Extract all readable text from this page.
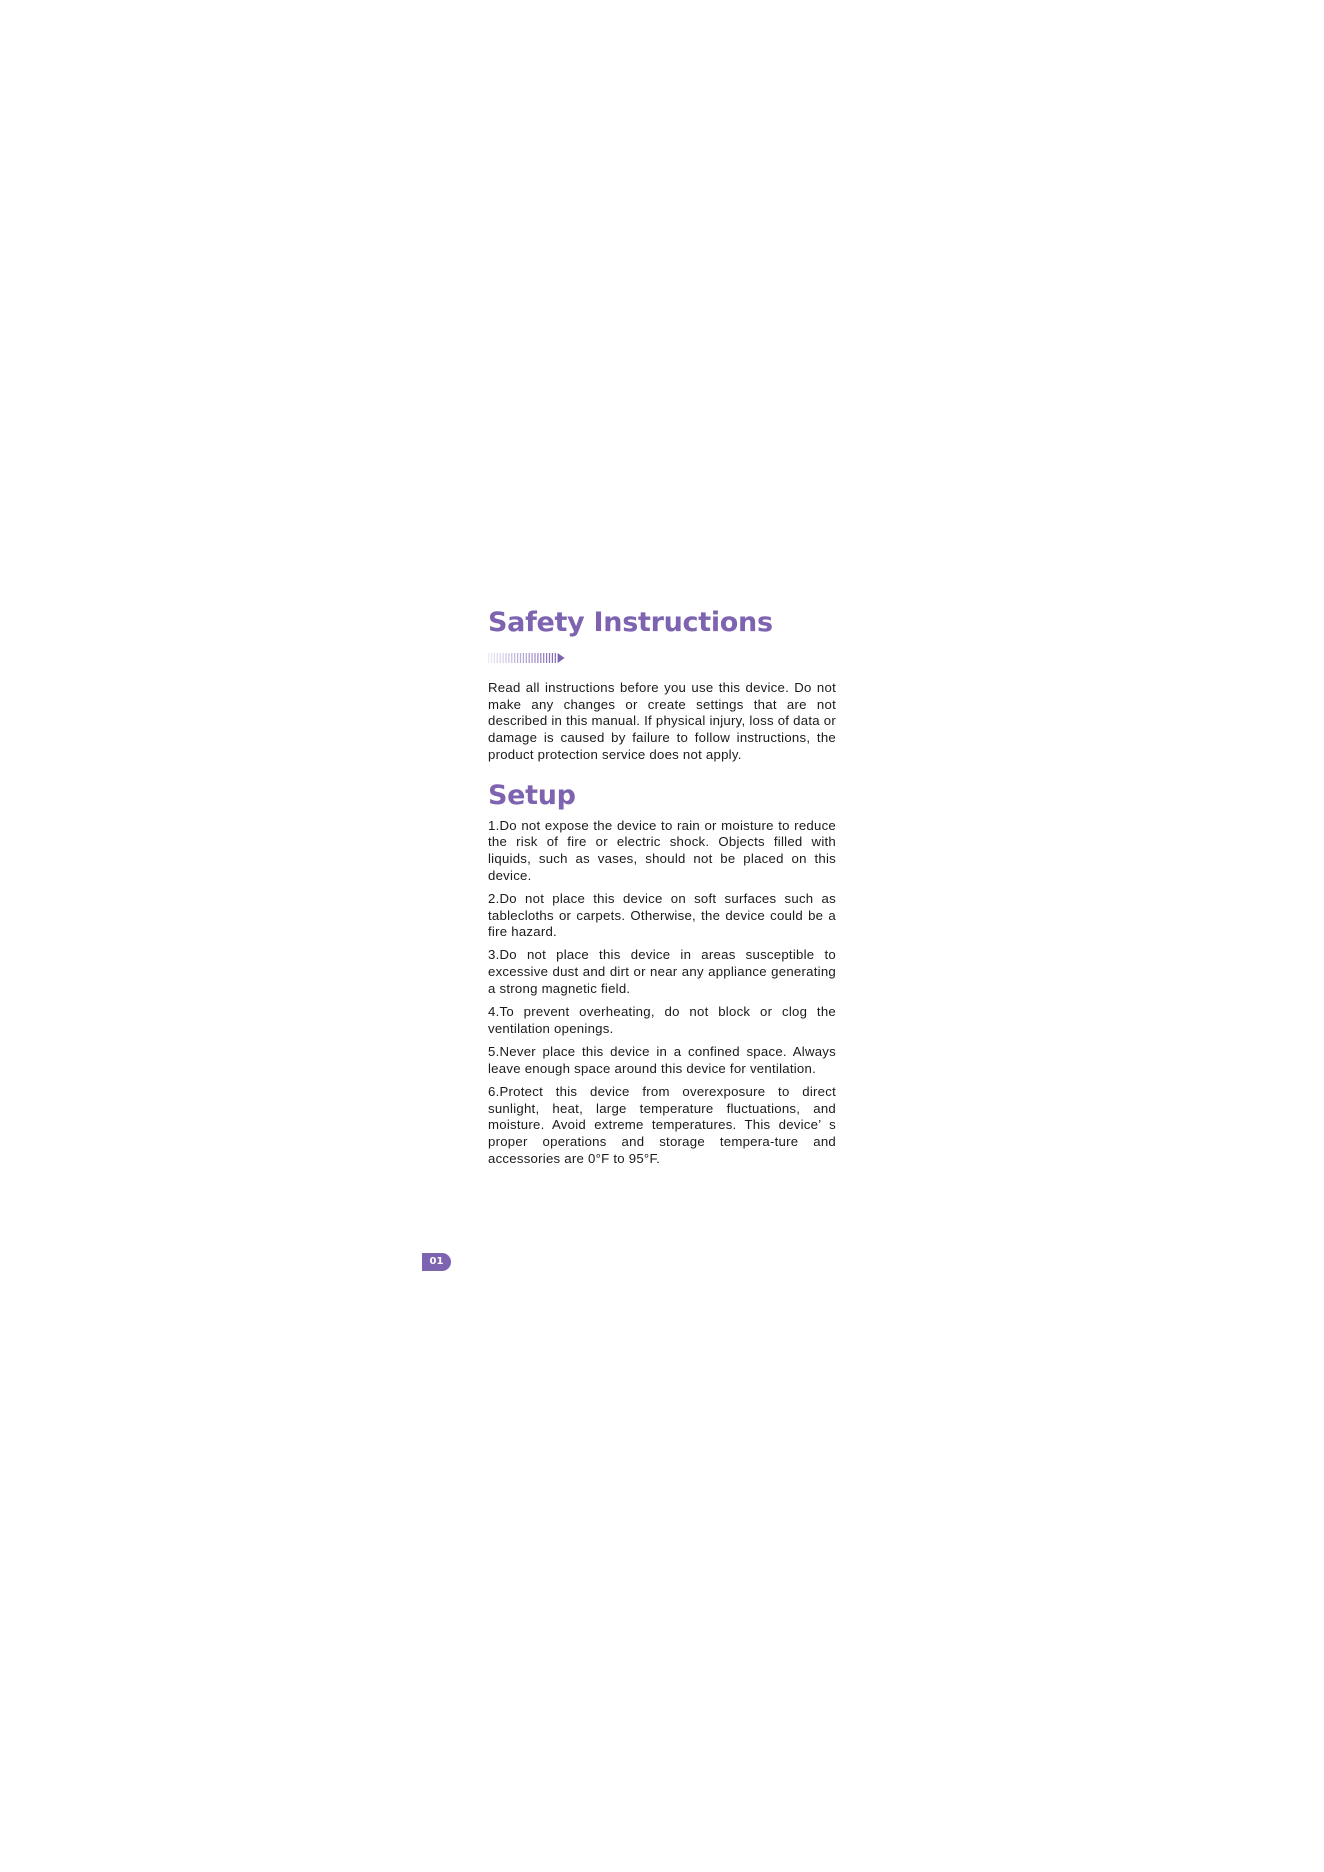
Safety Instructions

Read all instructions before you use this device. Do not make any changes or create settings that are not described in this manual. If physical injury, loss of data or damage is caused by failure to follow instructions, the product protection service does not apply.

Setup
1.Do not expose the device to rain or moisture to reduce the risk of fire or electric shock. Objects filled with liquids, such as vases, should not be placed on this device.
2.Do not place this device on soft surfaces such as tablecloths or carpets. Otherwise, the device could be a fire hazard.
3.Do not place this device in areas susceptible to excessive dust and dirt or near any appliance generating a strong magnetic field.
4.To prevent overheating, do not block or clog the ventilation openings.
5.Never place this device in a confined space. Always leave enough space around this device for ventilation.
6.Protect this device from overexposure to direct sunlight, heat, large temperature fluctuations, and moisture. Avoid extreme temperatures. This device’ s proper operations and storage tempera-ture and accessories are 0°F to 95°F.
01
